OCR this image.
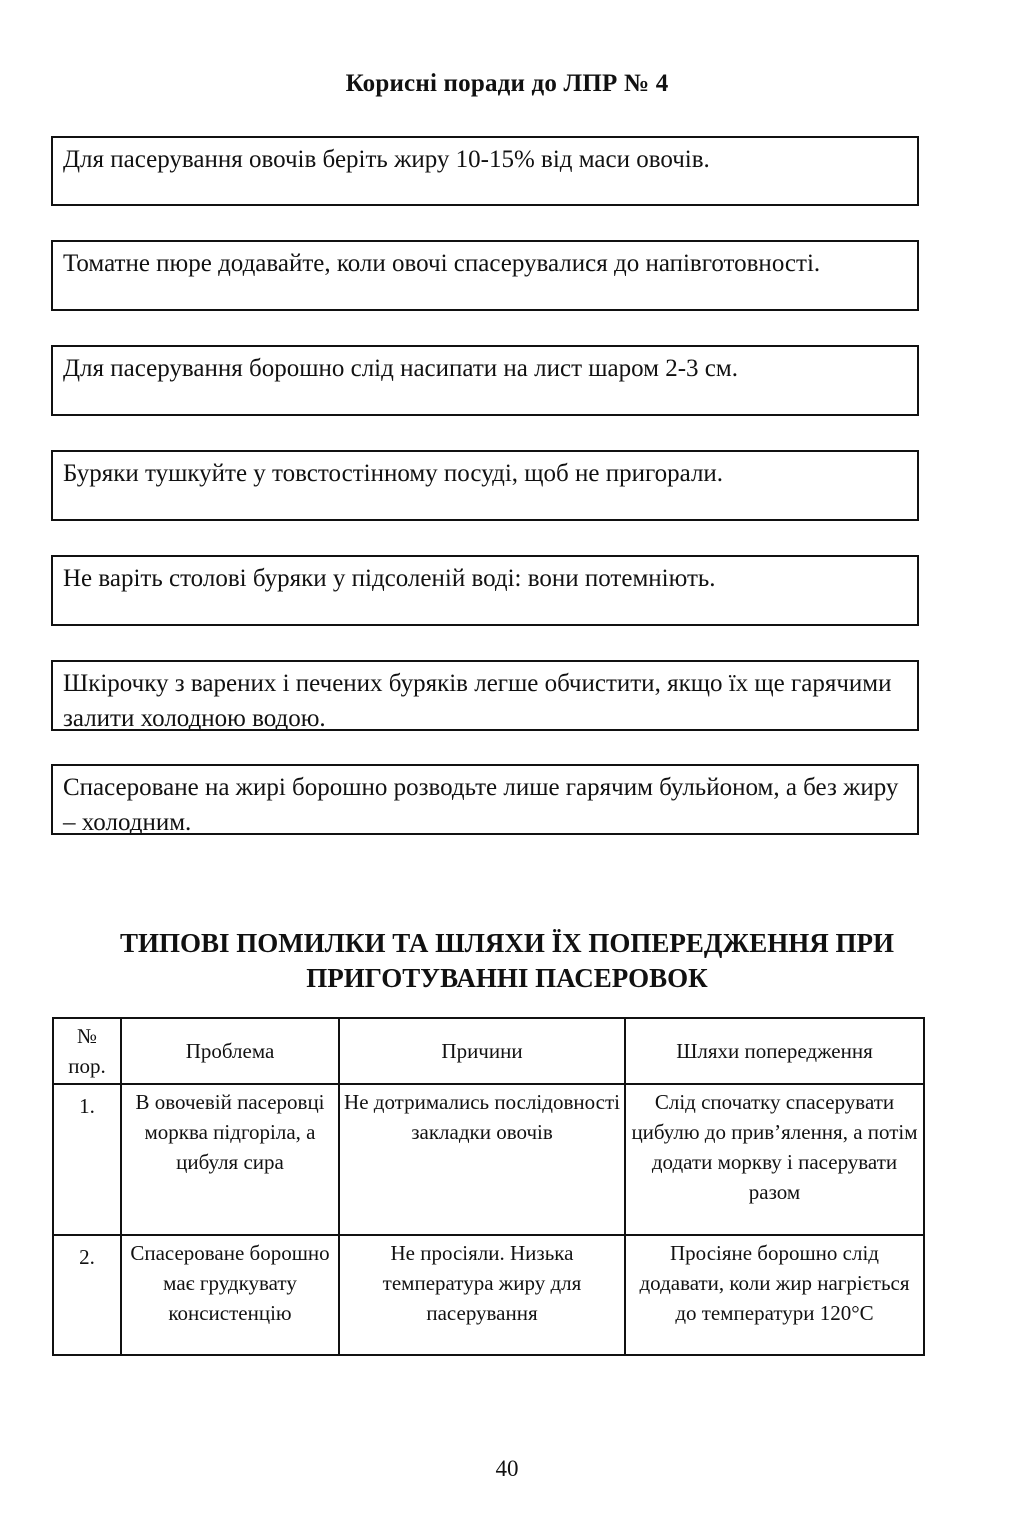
Корисні поради до ЛПР № 4
Для пасерування овочів беріть жиру 10-15% від маси овочів.
Томатне пюре додавайте, коли овочі спасерувалися до напівготовності.
Для пасерування борошно слід насипати на лист шаром 2-3 см.
Буряки тушкуйте у товстостінному посуді, щоб не пригорали.
Не варіть столові буряки у підсоленій воді: вони потемніють.
Шкірочку з варених і печених буряків легше обчистити, якщо їх ще гарячими залити холодною водою.
Спасероване на жирі борошно розводьте лише гарячим бульйоном, а без жиру – холодним.
ТИПОВІ ПОМИЛКИ ТА ШЛЯХИ ЇХ ПОПЕРЕДЖЕННЯ ПРИ ПРИГОТУВАННІ ПАСЕРОВОК
№ пор.	Проблема	Причини	Шляхи попередження
1.	В овочевій пасеровці морква підгоріла, а цибуля сира	Не дотримались послідовності закладки овочів	Слід спочатку спасерувати цибулю до прив’ялення, а потім додати моркву і пасерувати разом
2.	Спасероване борошно має грудкувату консистенцію	Не просіяли. Низька температура жиру для пасерування	Просіяне борошно слід додавати, коли жир нагріється до температури 120°С
40
